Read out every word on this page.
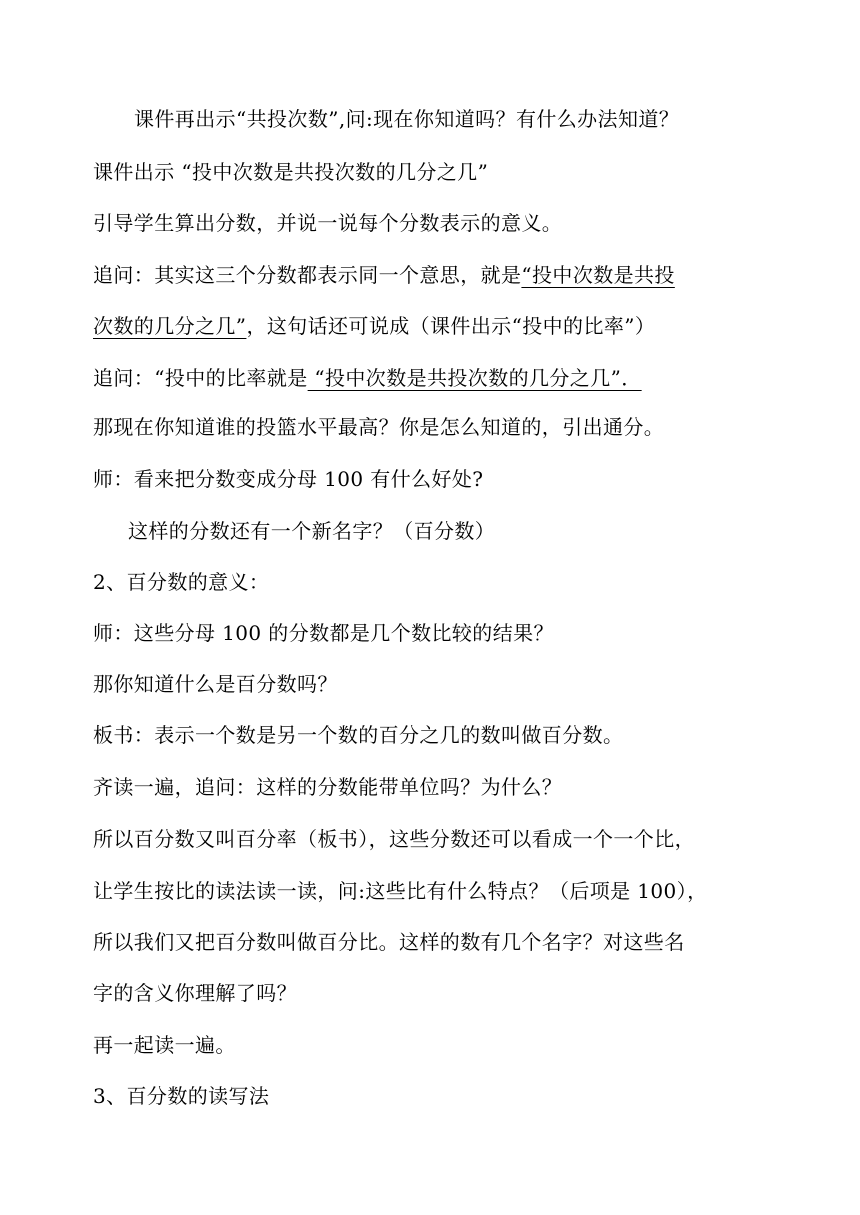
课件再出示“共投次数”,问:现在你知道吗？有什么办法知道？
课件出示 “投中次数是共投次数的几分之几”
引导学生算出分数，并说一说每个分数表示的意义。
追问：其实这三个分数都表示同一个意思，就是“投中次数是共投
次数的几分之几”，这句话还可说成（课件出示“投中的比率”）
追问：“投中的比率就是 “投中次数是共投次数的几分之几”．
那现在你知道谁的投篮水平最高？你是怎么知道的，引出通分。
师：看来把分数变成分母 100 有什么好处?
这样的分数还有一个新名字？（百分数）
2、百分数的意义：
师：这些分母 100 的分数都是几个数比较的结果？
那你知道什么是百分数吗？
板书：表示一个数是另一个数的百分之几的数叫做百分数。
齐读一遍，追问：这样的分数能带单位吗？为什么？
所以百分数又叫百分率（板书），这些分数还可以看成一个一个比，
让学生按比的读法读一读，问:这些比有什么特点？（后项是 100），
所以我们又把百分数叫做百分比。这样的数有几个名字？对这些名
字的含义你理解了吗？
再一起读一遍。
3、百分数的读写法
